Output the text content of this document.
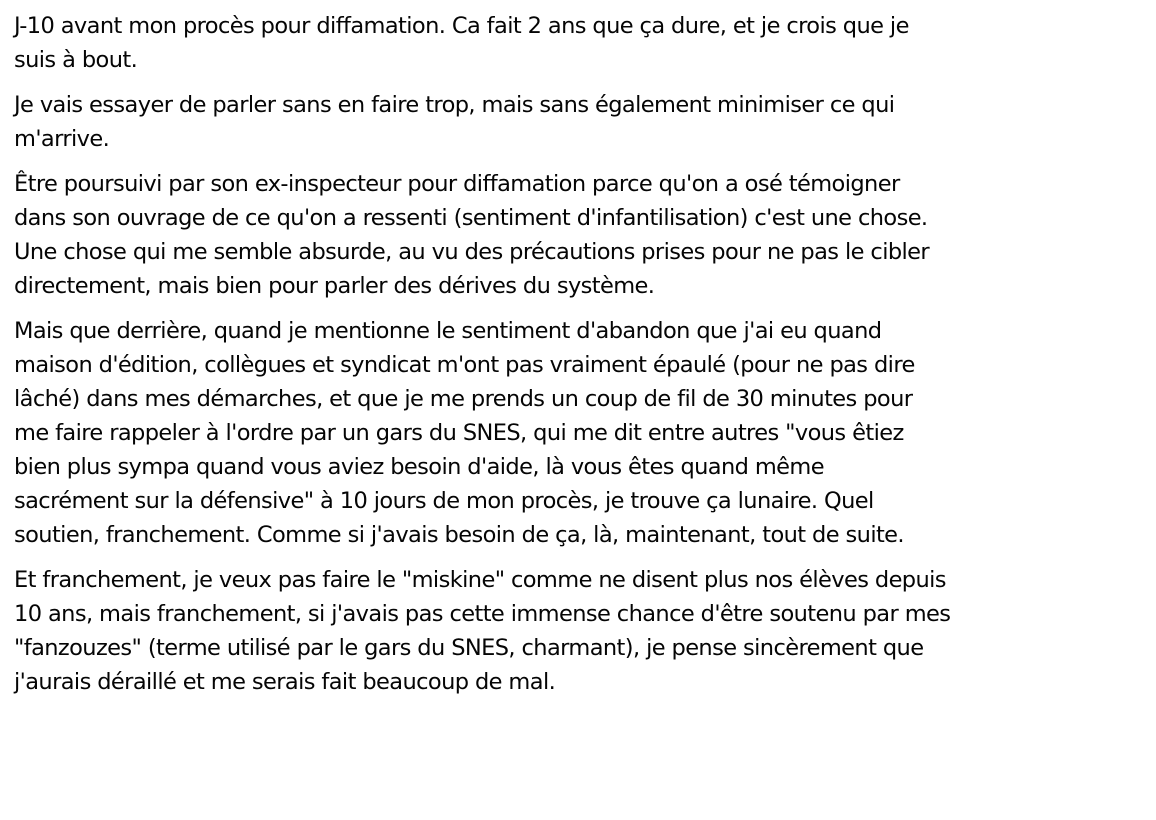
J-10 avant mon procès pour diffamation. Ca fait 2 ans que ça dure, et je crois que je
suis à bout.
Je vais essayer de parler sans en faire trop, mais sans également minimiser ce qui
m'arrive.
Être poursuivi par son ex-inspecteur pour diffamation parce qu'on a osé témoigner
dans son ouvrage de ce qu'on a ressenti (sentiment d'infantilisation) c'est une chose.
Une chose qui me semble absurde, au vu des précautions prises pour ne pas le cibler
directement, mais bien pour parler des dérives du système.
Mais que derrière, quand je mentionne le sentiment d'abandon que j'ai eu quand
maison d'édition, collègues et syndicat m'ont pas vraiment épaulé (pour ne pas dire
lâché) dans mes démarches, et que je me prends un coup de fil de 30 minutes pour
me faire rappeler à l'ordre par un gars du SNES, qui me dit entre autres "vous êtiez
bien plus sympa quand vous aviez besoin d'aide, là vous êtes quand même
sacrément sur la défensive" à 10 jours de mon procès, je trouve ça lunaire. Quel
soutien, franchement. Comme si j'avais besoin de ça, là, maintenant, tout de suite.
Et franchement, je veux pas faire le "miskine" comme ne disent plus nos élèves depuis
10 ans, mais franchement, si j'avais pas cette immense chance d'être soutenu par mes
"fanzouzes" (terme utilisé par le gars du SNES, charmant), je pense sincèrement que
j'aurais déraillé et me serais fait beaucoup de mal.
